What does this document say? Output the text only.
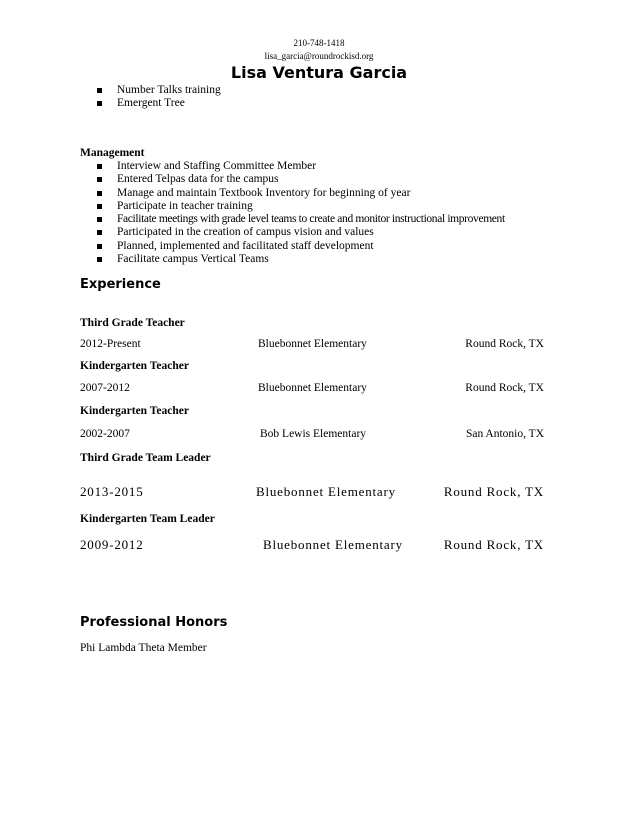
210-748-1418
lisa_garcia@roundrockisd.org
Lisa Ventura Garcia
Number Talks training
Emergent Tree
Management
Interview and Staffing Committee Member
Entered Telpas data for the campus
Manage and maintain Textbook Inventory for beginning of year
Participate in teacher training
Facilitate meetings with grade level teams to create and monitor instructional improvement
Participated in the creation of campus vision and values
Planned, implemented and facilitated staff development
Facilitate campus Vertical Teams
Experience
Third Grade Teacher
2012-Present	Bluebonnet Elementary	Round Rock, TX
Kindergarten Teacher
2007-2012	Bluebonnet Elementary	Round Rock, TX
Kindergarten Teacher
2002-2007	Bob Lewis Elementary	San Antonio, TX
Third Grade Team Leader
2013-2015	Bluebonnet Elementary	Round Rock, TX
Kindergarten Team Leader
2009-2012	Bluebonnet Elementary	Round Rock, TX
Professional Honors
Phi Lambda Theta Member
